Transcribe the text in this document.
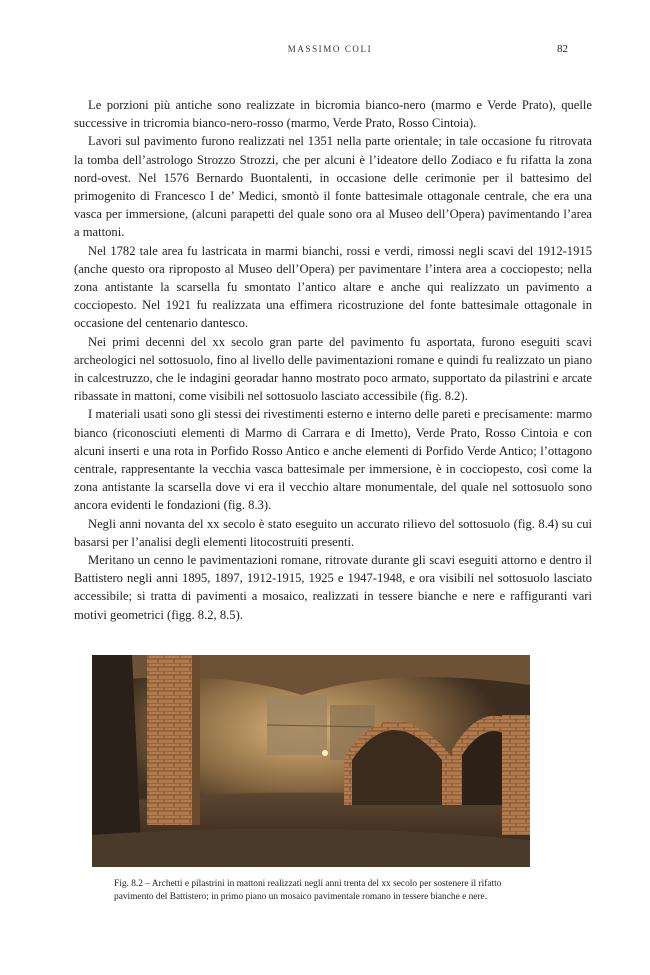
MASSIMO COLI	82

Le porzioni più antiche sono realizzate in bicromia bianco-nero (marmo e Verde Prato), quelle successive in tricromia bianco-nero-rosso (marmo, Verde Prato, Rosso Cintoia).

Lavori sul pavimento furono realizzati nel 1351 nella parte orientale; in tale occasione fu ritrovata la tomba dell’astrologo Strozzo Strozzi, che per alcuni è l’ideatore dello Zodiaco e fu rifatta la zona nord-ovest. Nel 1576 Bernardo Buontalenti, in occasione delle cerimonie per il battesimo del primogenito di Francesco I de’ Medici, smontò il fonte battesimale ottagonale centrale, che era una vasca per immersione, (alcuni parapetti del quale sono ora al Museo dell’Opera) pavimentando l’area a mattoni.

Nel 1782 tale area fu lastricata in marmi bianchi, rossi e verdi, rimossi negli scavi del 1912-1915 (anche questo ora riproposto al Museo dell’Opera) per pavimentare l’intera area a cocciopesto; nella zona antistante la scarsella fu smontato l’antico altare e anche qui realizzato un pavimento a cocciopesto. Nel 1921 fu realizzata una effimera ricostruzione del fonte battesimale ottagonale in occasione del centenario dantesco.

Nei primi decenni del xx secolo gran parte del pavimento fu asportata, furono eseguiti scavi archeologici nel sottosuolo, fino al livello delle pavimentazioni romane e quindi fu realizzato un piano in calcestruzzo, che le indagini georadar hanno mostrato poco armato, supportato da pilastrini e arcate ribassate in mattoni, come visibili nel sottosuolo lasciato accessibile (fig. 8.2).

I materiali usati sono gli stessi dei rivestimenti esterno e interno delle pareti e precisamente: marmo bianco (riconosciuti elementi di Marmo di Carrara e di Imetto), Verde Prato, Rosso Cintoia e con alcuni inserti e una rota in Porfido Rosso Antico e anche elementi di Porfido Verde Antico; l’ottagono centrale, rappresentante la vecchia vasca battesimale per immersione, è in cocciopesto, così come la zona antistante la scarsella dove vi era il vecchio altare monumentale, del quale nel sottosuolo sono ancora evidenti le fondazioni (fig. 8.3).

Negli anni novanta del xx secolo è stato eseguito un accurato rilievo del sottosuolo (fig. 8.4) su cui basarsi per l’analisi degli elementi litocostruiti presenti.

Meritano un cenno le pavimentazioni romane, ritrovate durante gli scavi eseguiti attorno e dentro il Battistero negli anni 1895, 1897, 1912-1915, 1925 e 1947-1948, e ora visibili nel sottosuolo lasciato accessibile; si tratta di pavimenti a mosaico, realizzati in tessere bianche e nere e raffiguranti vari motivi geometrici (figg. 8.2, 8.5).

Fig. 8.2 – Archetti e pilastrini in mattoni realizzati negli anni trenta del xx secolo per sostenere il rifatto pavimento del Battistero; in primo piano un mosaico pavimentale romano in tessere bianche e nere.
